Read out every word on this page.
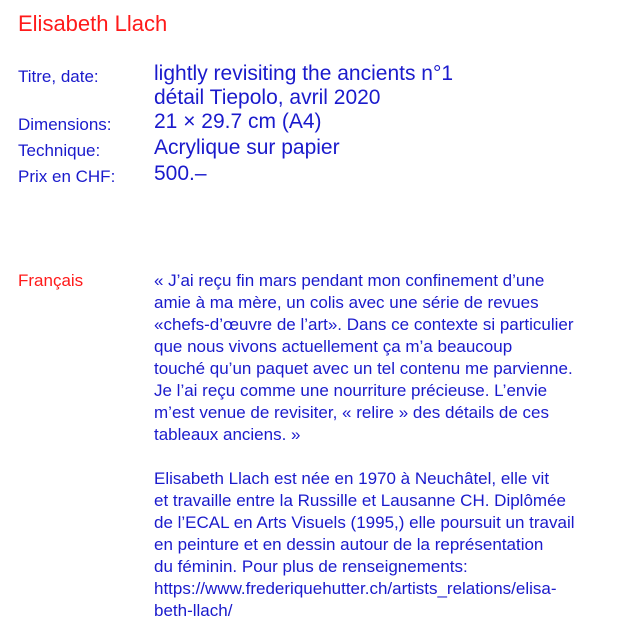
Elisabeth Llach
Titre, date:	lightly revisiting the ancients n°1
détail Tiepolo, avril 2020
Dimensions:	21 × 29.7 cm (A4)
Technique:	Acrylique sur papier
Prix en CHF:	500.–
Français	« J’ai reçu fin mars pendant mon confinement d’une
amie à ma mère, un colis avec une série de revues
«chefs-d’œuvre de l’art». Dans ce contexte si particulier
que nous vivons actuellement ça m’a beaucoup
touché qu’un paquet avec un tel contenu me parvienne.
Je l’ai reçu comme une nourriture précieuse. L’envie
m’est venue de revisiter, « relire » des détails de ces
tableaux anciens. »
Elisabeth Llach est née en 1970 à Neuchâtel, elle vit
et travaille entre la Russille et Lausanne CH. Diplômée
de l’ECAL en Arts Visuels (1995,) elle poursuit un travail
en peinture et en dessin autour de la représentation
du féminin. Pour plus de renseignements:
https://www.frederiquehutter.ch/artists_relations/elisa-
beth-llach/
